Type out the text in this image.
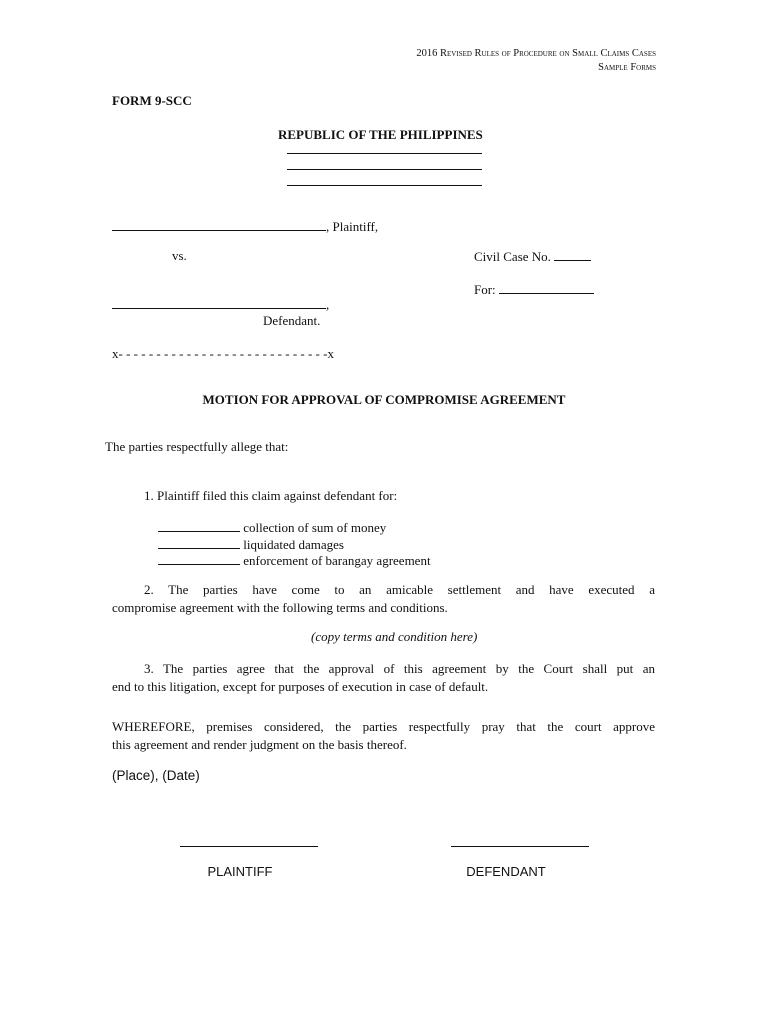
2016 Revised Rules of Procedure on Small Claims Cases
Sample Forms
FORM 9-SCC
REPUBLIC OF THE PHILIPPINES
, Plaintiff,
vs.	Civil Case No.
For:
,
Defendant.
x- - - - - - - - - - - - - - - - - - - - - - - - - - - -x
MOTION FOR APPROVAL OF COMPROMISE AGREEMENT
The parties respectfully allege that:
1. Plaintiff filed this claim against defendant for:
collection of sum of money
liquidated damages
enforcement of barangay agreement
2. The parties have come to an amicable settlement and have executed a
compromise agreement with the following terms and conditions.
(copy terms and condition here)
3. The parties agree that the approval of this agreement by the Court shall put an
end to this litigation, except for purposes of execution in case of default.
WHEREFORE, premises considered, the parties respectfully pray that the court approve
this agreement and render judgment on the basis thereof.
(Place), (Date)
PLAINTIFF	DEFENDANT
